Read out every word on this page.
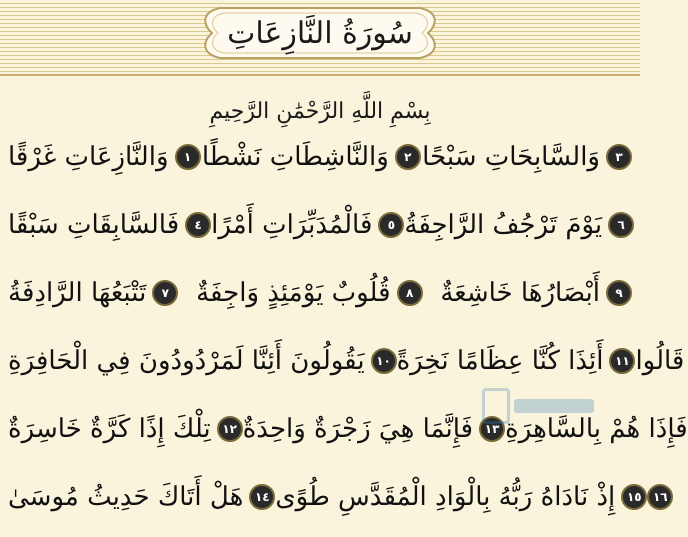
سُورَةُ النَّازِعَاتِ
بِسْمِ اللَّهِ الرَّحْمَٰنِ الرَّحِيمِ
وَالنَّازِعَاتِ غَرْقًا	١ وَالنَّاشِطَاتِ نَشْطًا	٢ وَالسَّابِحَاتِ سَبْحًا	٣
فَالسَّابِقَاتِ سَبْقًا	٤ فَالْمُدَبِّرَاتِ أَمْرًا	٥ يَوْمَ تَرْجُفُ الرَّاجِفَةُ	٦
تَتْبَعُهَا الرَّادِفَةُ	٧	قُلُوبٌ يَوْمَئِذٍ وَاجِفَةٌ	٨	أَبْصَارُهَا خَاشِعَةٌ	٩
يَقُولُونَ أَئِنَّا لَمَرْدُودُونَ فِي الْحَافِرَةِ ١٠ أَئِذَا كُنَّا عِظَامًا نَخِرَةً ١١ قَالُوا
تِلْكَ إِذًا كَرَّةٌ خَاسِرَةٌ ١٢ فَإِنَّمَا هِيَ زَجْرَةٌ وَاحِدَةٌ ١٣ فَإِذَا هُمْ بِالسَّاهِرَةِ
هَلْ أَتَاكَ حَدِيثُ مُوسَىٰ ١٤ إِذْ نَادَاهُ رَبُّهُ بِالْوَادِ الْمُقَدَّسِ طُوًى ١٥ ١٦
